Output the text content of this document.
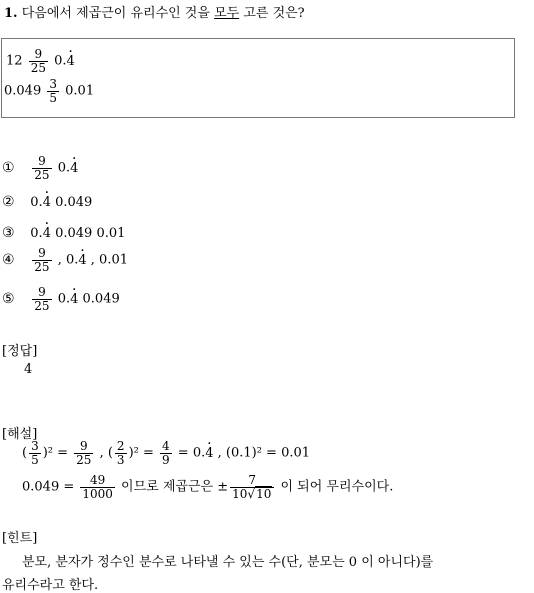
1. 다음에서 제곱근이 유리수인 것을 모두 고른 것은?
$12 \frac{9}{25} 0.\cdot 4$
$0.049 \frac{3}{5} 0.01$
① $\frac{9}{25} 0.\cdot 4$
② 0.· 4 0.049
③ 0.· 4 0.049 0.01
④ $\frac{9}{25}$ , 0.· 4 , 0.01
⑤ $\frac{9}{25} 0.\cdot 4$ 0.049
[정답]
4
[해설]
( $\frac{3}{5} )^2 = \frac{9}{25}$ , ( $\frac{2}{3} )^2 = \frac{4}{9} = 0.\cdot 4$ , (0.1)² = 0.01
$0.049 = \frac{49}{1000}$ 이므로 제곱근은 ± $\frac{7}{10√10}$ 이 되어 무리수이다.
[힌트]
분모, 분자가 정수인 분수로 나타낼 수 있는 수(단, 분모는 0 이 아니다)를
유리수라고 한다.
